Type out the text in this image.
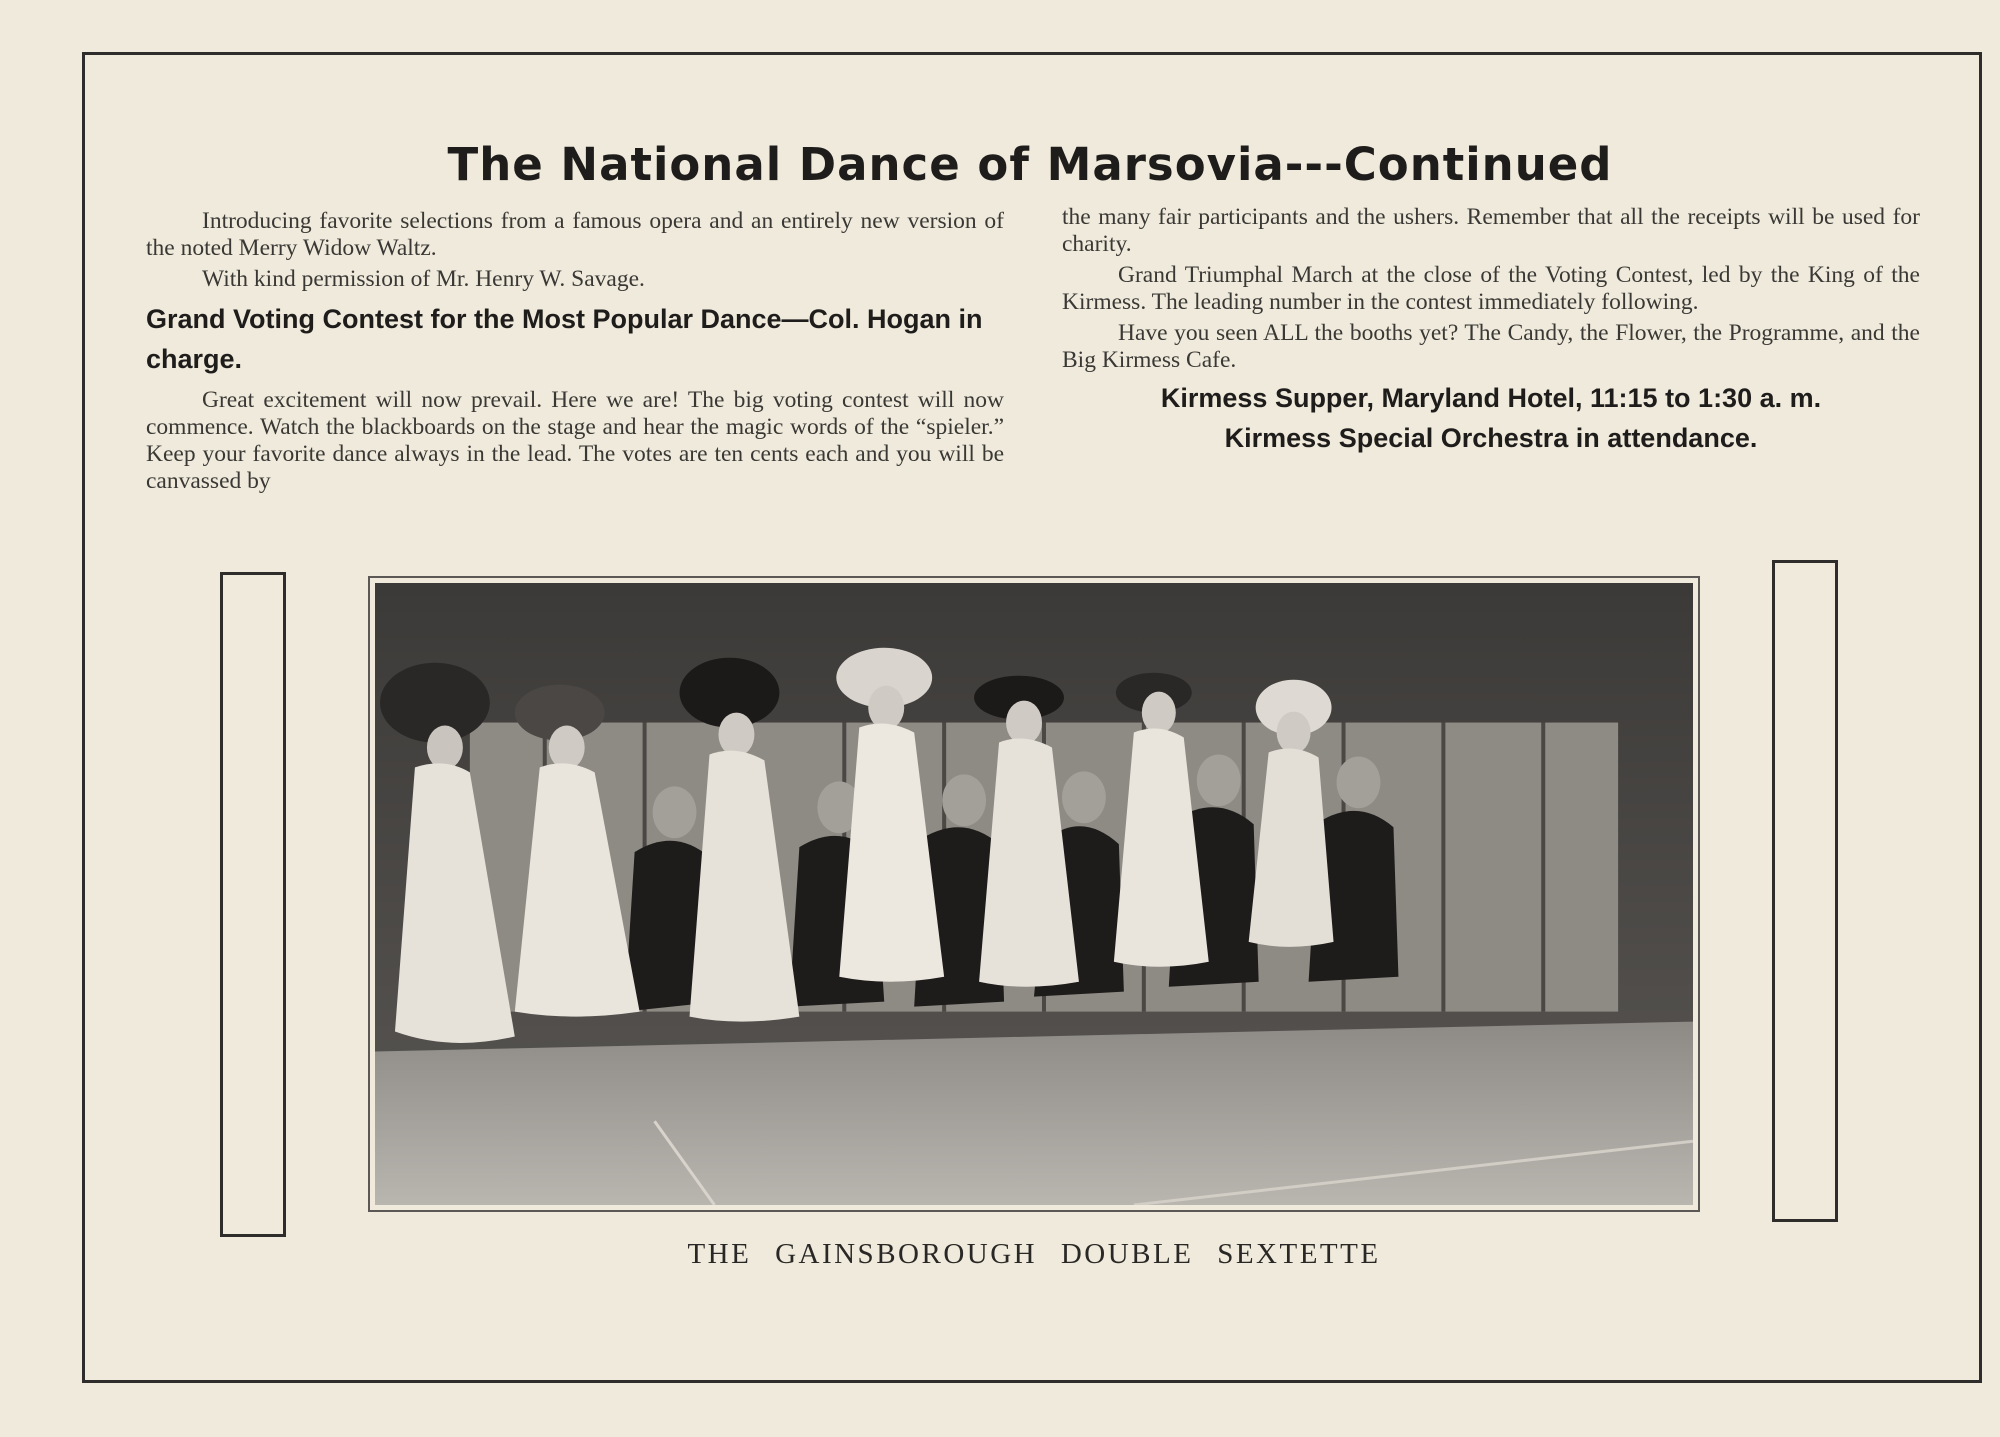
The National Dance of Marsovia---Continued

Introducing favorite selections from a famous opera and an entirely new version of the noted Merry Widow Waltz.

With kind permission of Mr. Henry W. Savage.

Grand Voting Contest for the Most Popular Dance—Col. Hogan in charge.

Great excitement will now prevail. Here we are! The big voting contest will now commence. Watch the blackboards on the stage and hear the magic words of the “spieler.” Keep your favorite dance always in the lead. The votes are ten cents each and you will be canvassed by

the many fair participants and the ushers. Remember that all the receipts will be used for charity.

Grand Triumphal March at the close of the Voting Contest, led by the King of the Kirmess. The leading number in the contest immediately following.

Have you seen ALL the booths yet? The Candy, the Flower, the Programme, and the Big Kirmess Cafe.

Kirmess Supper, Maryland Hotel, 11:15 to 1:30 a. m.
Kirmess Special Orchestra in attendance.
THE GAINSBOROUGH DOUBLE SEXTETTE
